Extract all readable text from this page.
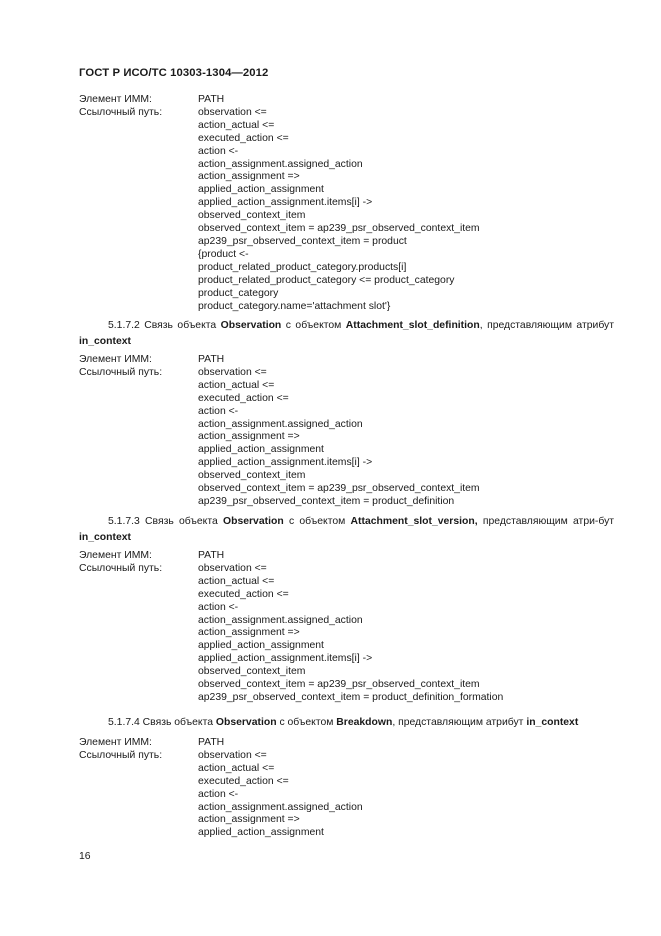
ГОСТ Р ИСО/ТС 10303-1304—2012
Элемент ИММ:	PATH
Ссылочный путь:	observation <=
action_actual <=
executed_action <=
action <-
action_assignment.assigned_action
action_assignment =>
applied_action_assignment
applied_action_assignment.items[i] ->
observed_context_item
observed_context_item = ap239_psr_observed_context_item
ap239_psr_observed_context_item = product
{product <-
product_related_product_category.products[i]
product_related_product_category <= product_category
product_category
product_category.name='attachment slot'}
5.1.7.2 Связь объекта Observation с объектом Attachment_slot_definition, представляющим атрибут in_context
Элемент ИММ:	PATH
Ссылочный путь:	observation <=
action_actual <=
executed_action <=
action <-
action_assignment.assigned_action
action_assignment =>
applied_action_assignment
applied_action_assignment.items[i] ->
observed_context_item
observed_context_item = ap239_psr_observed_context_item
ap239_psr_observed_context_item = product_definition
5.1.7.3 Связь объекта Observation с объектом Attachment_slot_version, представляющим атри-бут in_context
Элемент ИММ:	PATH
Ссылочный путь:	observation <=
action_actual <=
executed_action <=
action <-
action_assignment.assigned_action
action_assignment =>
applied_action_assignment
applied_action_assignment.items[i] ->
observed_context_item
observed_context_item = ap239_psr_observed_context_item
ap239_psr_observed_context_item = product_definition_formation
5.1.7.4 Связь объекта Observation с объектом Breakdown, представляющим атрибут in_context
Элемент ИММ:	PATH
Ссылочный путь:	observation <=
action_actual <=
executed_action <=
action <-
action_assignment.assigned_action
action_assignment =>
applied_action_assignment
16
